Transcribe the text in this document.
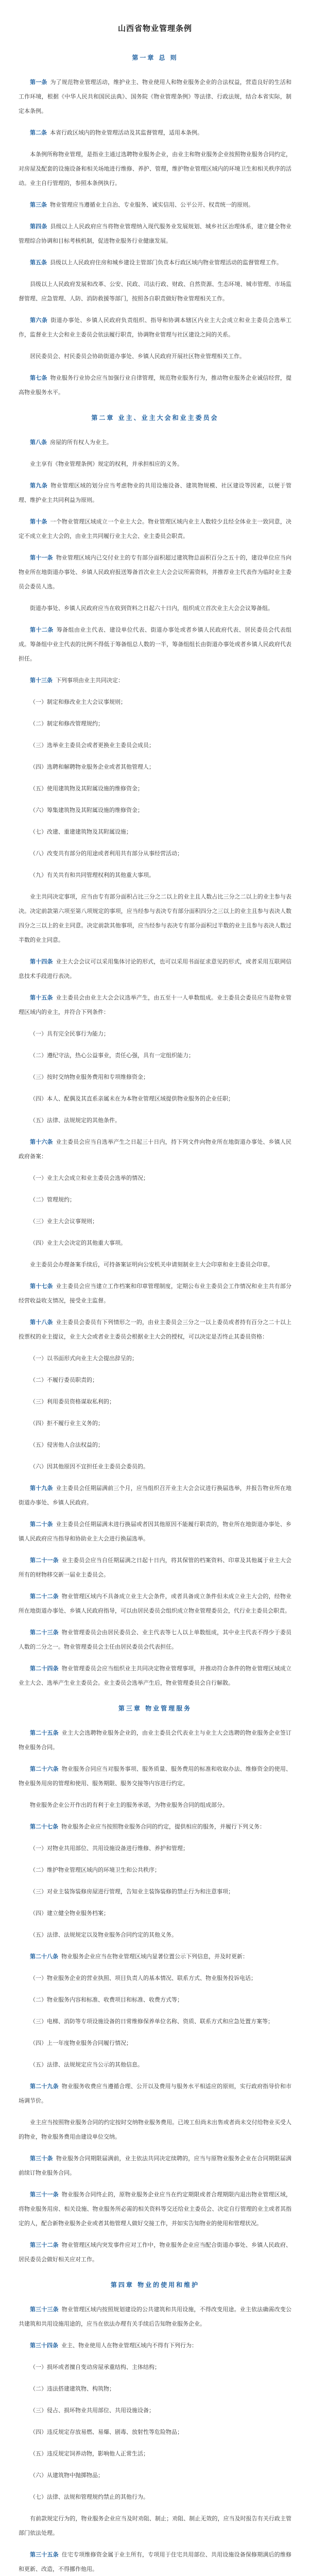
山西省物业管理条例
第一章 总 则

第一条 为了规范物业管理活动，维护业主、物业使用人和物业服务企业的合法权益，营造良好的生活和工作环境，根据《中华人民共和国民法典》、国务院《物业管理条例》等法律、行政法规，结合本省实际，制定本条例。

第二条 本省行政区域内的物业管理活动及其监督管理，适用本条例。

本条例所称物业管理，是指业主通过选聘物业服务企业，由业主和物业服务企业按照物业服务合同约定，对房屋及配套的设施设备和相关场地进行维修、养护、管理，维护物业管理区域内的环境卫生和相关秩序的活动。业主自行管理的，参照本条例执行。

第三条 物业管理应当遵循业主自治、专业服务、诚实信用、公平公开、权责统一的原则。

第四条 县级以上人民政府应当将物业管理纳入现代服务业发展规划、城乡社区治理体系，建立健全物业管理综合协调和目标考核机制，促进物业服务行业健康发展。

第五条 县级以上人民政府住房和城乡建设主管部门负责本行政区域内物业管理活动的监督管理工作。

县级以上人民政府发展和改革、公安、民政、司法行政、财政、自然资源、生态环境、城市管理、市场监督管理、应急管理、人防、消防救援等部门，按照各自职责做好物业管理相关工作。

第六条 街道办事处、乡镇人民政府负责组织、指导和协调本辖区内业主大会成立和业主委员会选举工作，监督业主大会和业主委员会依法履行职责，协调物业管理与社区建设之间的关系。

居民委员会、村民委员会协助街道办事处、乡镇人民政府开展社区物业管理相关工作。

第七条 物业服务行业协会应当加强行业自律管理，规范物业服务行为，推动物业服务企业诚信经营，提高物业服务水平。

第二章 业主、业主大会和业主委员会

第八条 房屋的所有权人为业主。

业主享有《物业管理条例》规定的权利，并承担相应的义务。

第九条 物业管理区域的划分应当考虑物业的共用设施设备、建筑物规模、社区建设等因素，以便于管理、维护业主共同利益为原则。

第十条 一个物业管理区域成立一个业主大会。物业管理区域内业主人数较少且经全体业主一致同意，决定不成立业主大会的，由业主共同履行业主大会、业主委员会职责。

第十一条 物业管理区域内已交付业主的专有部分面积超过建筑物总面积百分之五十的，建设单位应当向物业所在地街道办事处、乡镇人民政府报送筹备首次业主大会会议所需资料，并推荐业主代表作为临时业主委员会委员人选。

街道办事处、乡镇人民政府应当在收到资料之日起六十日内，组织成立首次业主大会会议筹备组。

第十二条 筹备组由业主代表、建设单位代表、街道办事处或者乡镇人民政府代表、居民委员会代表组成。筹备组中业主代表的比例不得低于筹备组总人数的一半，筹备组组长由街道办事处或者乡镇人民政府代表担任。

第十三条 下列事项由业主共同决定：

（一）制定和修改业主大会议事规则；

（二）制定和修改管理规约；

（三）选举业主委员会或者更换业主委员会成员；

（四）选聘和解聘物业服务企业或者其他管理人；

（五）使用建筑物及其附属设施的维修资金；

（六）筹集建筑物及其附属设施的维修资金；

（七）改建、重建建筑物及其附属设施；

（八）改变共有部分的用途或者利用共有部分从事经营活动；

（九）有关共有和共同管理权利的其他重大事项。

业主共同决定事项，应当由专有部分面积占比三分之二以上的业主且人数占比三分之二以上的业主参与表决。决定前款第六项至第八项规定的事项，应当经参与表决专有部分面积四分之三以上的业主且参与表决人数四分之三以上的业主同意。决定前款其他事项，应当经参与表决专有部分面积过半数的业主且参与表决人数过半数的业主同意。

第十四条 业主大会会议可以采用集体讨论的形式，也可以采用书面征求意见的形式，或者采用互联网信息技术手段进行表决。

第十五条 业主委员会由业主大会会议选举产生，由五至十一人单数组成。业主委员会委员应当是物业管理区域内的业主，并符合下列条件：

（一）具有完全民事行为能力；

（二）遵纪守法，热心公益事业，责任心强，具有一定组织能力；

（三）按时交纳物业服务费用和专项维修资金；

（四）本人、配偶及其直系亲属未在为本物业管理区域提供物业服务的企业任职；

（五）法律、法规规定的其他条件。

第十六条 业主委员会应当自选举产生之日起三十日内，持下列文件向物业所在地街道办事处、乡镇人民政府备案：

（一）业主大会成立和业主委员会选举的情况；

（二）管理规约；

（三）业主大会议事规则；

（四）业主大会决定的其他重大事项。

业主委员会办理备案手续后，可持备案证明向公安机关申请刻制业主大会印章和业主委员会印章。

第十七条 业主委员会应当建立工作档案和印章管理制度，定期公布业主委员会工作情况和业主共有部分经营收益收支情况，接受业主监督。

第十八条 业主委员会委员有下列情形之一的，由业主委员会三分之一以上委员或者持有百分之二十以上投票权的业主提议，业主大会或者业主委员会根据业主大会的授权，可以决定是否终止其委员资格：

（一）以书面形式向业主大会提出辞呈的；

（二）不履行委员职责的；

（三）利用委员资格谋取私利的；

（四）拒不履行业主义务的；

（五）侵害他人合法权益的；

（六）因其他原因不宜担任业主委员会委员的。

第十九条 业主委员会任期届满前三个月，应当组织召开业主大会会议进行换届选举，并报告物业所在地街道办事处、乡镇人民政府。

第二十条 业主委员会任期届满未进行换届或者因其他原因不能履行职责的，物业所在地街道办事处、乡镇人民政府应当指导和协助业主大会进行换届选举。

第二十一条 业主委员会应当自任期届满之日起十日内，将其保管的档案资料、印章及其他属于业主大会所有的财物移交新一届业主委员会。

第二十二条 物业管理区域内不具备成立业主大会条件，或者具备成立条件但未成立业主大会的，经物业所在地街道办事处、乡镇人民政府指导，可以由居民委员会组织成立物业管理委员会，代行业主委员会职责。

第二十三条 物业管理委员会由居民委员会、业主代表等七人以上单数组成，其中业主代表不得少于委员人数的二分之一。物业管理委员会主任由居民委员会代表担任。

第二十四条 物业管理委员会应当组织业主共同决定物业管理事项，并推动符合条件的物业管理区域成立业主大会、选举产生业主委员会。业主委员会选举产生后，物业管理委员会自行解散。

第三章 物业管理服务

第二十五条 业主大会选聘物业服务企业的，由业主委员会代表业主与业主大会选聘的物业服务企业签订物业服务合同。

第二十六条 物业服务合同应当对服务事项、服务质量、服务费用的标准和收取办法、维修资金的使用、物业服务用房的管理和使用、服务期限、服务交接等内容进行约定。

物业服务企业公开作出的有利于业主的服务承诺，为物业服务合同的组成部分。

第二十七条 物业服务企业应当按照物业服务合同的约定，提供相应的服务，并履行下列义务：

（一）对物业共用部位、共用设施设备进行维修、养护和管理；

（二）维护物业管理区域内的环境卫生和公共秩序；

（三）对业主装饰装修房屋进行管理，告知业主装饰装修的禁止行为和注意事项；

（四）建立健全物业服务档案；

（五）法律、法规规定以及物业服务合同约定的其他义务。

第二十八条 物业服务企业应当在物业管理区域内显著位置公示下列信息，并及时更新：

（一）物业服务企业的营业执照、项目负责人的基本情况、联系方式、物业服务投诉电话；

（二）物业服务内容和标准、收费项目和标准、收费方式等；

（三）电梯、消防等专项设施设备的日常维修保养单位名称、资质、联系方式和应急处置方案等；

（四）上一年度物业服务合同履行情况；

（五）法律、法规规定应当公示的其他信息。

第二十九条 物业服务收费应当遵循合理、公开以及费用与服务水平相适应的原则，实行政府指导价和市场调节价。

业主应当按照物业服务合同的约定按时交纳物业服务费用。已竣工但尚未出售或者尚未交付给物业买受人的物业，物业服务费用由建设单位交纳。

第三十条 物业服务合同期限届满前，业主依法共同决定续聘的，应当与原物业服务企业在合同期限届满前续订物业服务合同。

第三十一条 物业服务合同终止的，原物业服务企业应当在约定期限或者合理期限内退出物业管理区域，将物业服务用房、相关设施、物业服务所必需的相关资料等交还给业主委员会、决定自行管理的业主或者其指定的人，配合新物业服务企业或者其他管理人做好交接工作，并如实告知物业的使用和管理状况。

第三十二条 物业管理区域内突发事件应对工作中，物业服务企业应当配合街道办事处、乡镇人民政府、居民委员会做好相关应对工作。

第四章 物业的使用和维护

第三十三条 物业管理区域内按照规划建设的公共建筑和共用设施，不得改变用途。业主依法确需改变公共建筑和共用设施用途的，应当在依法办理有关手续后告知物业服务企业。

第三十四条 业主、物业使用人在物业管理区域内不得有下列行为：

（一）损坏或者擅自变动房屋承重结构、主体结构；

（二）违法搭建建筑物、构筑物；

（三）侵占、损坏物业共用部位、共用设施设备；

（四）违反规定存放易燃、易爆、剧毒、放射性等危险物品；

（五）违反规定饲养动物，影响他人正常生活；

（六）从建筑物中抛掷物品；

（七）法律、法规和管理规约禁止的其他行为。

有前款规定行为的，物业服务企业应当及时劝阻、制止；劝阻、制止无效的，应当及时报告有关行政主管部门依法处理。

第三十五条 住宅专项维修资金属于业主所有，专项用于住宅共用部位、共用设施设备保修期满后的维修和更新、改造，不得挪作他用。
